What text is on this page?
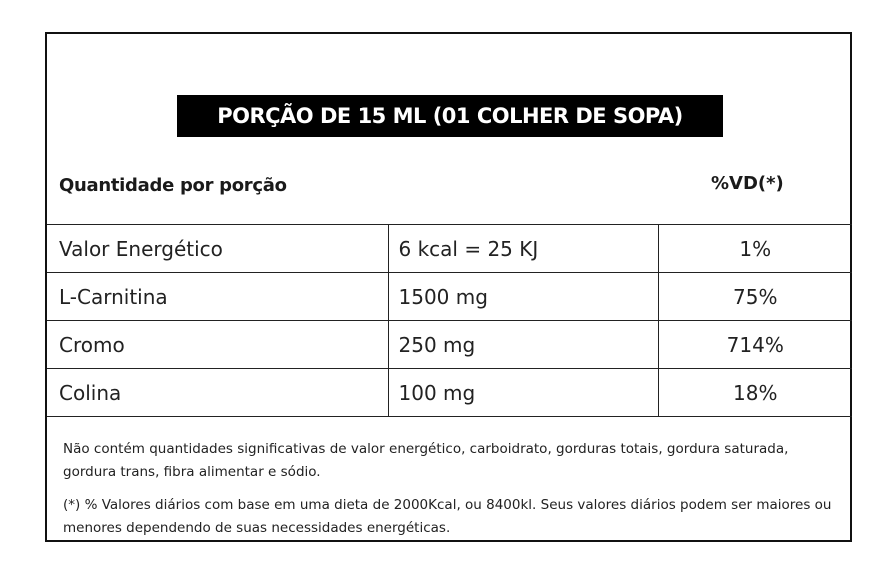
PORÇÃO DE 15 ML (01 COLHER DE SOPA)
Quantidade por porção	%VD(*)
Valor Energético	6 kcal = 25 KJ	1%
L-Carnitina	1500 mg	75%
Cromo	250 mg	714%
Colina	100 mg	18%

Não contém quantidades significativas de valor energético, carboidrato, gorduras totais, gordura saturada, gordura trans, fibra alimentar e sódio.

(*) % Valores diários com base em uma dieta de 2000Kcal, ou 8400kl. Seus valores diários podem ser maiores ou menores dependendo de suas necessidades energéticas.
